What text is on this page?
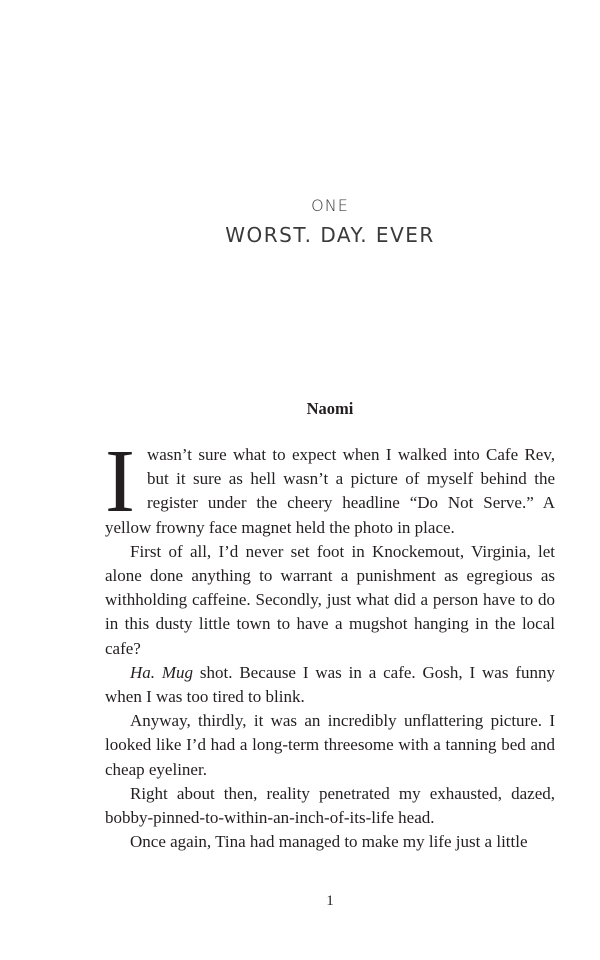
ONE
WORST. DAY. EVER
Naomi

Iwasn’t sure what to expect when I walked into Cafe Rev, but it sure as hell wasn’t a picture of myself behind the register under the cheery headline “Do Not Serve.” A yellow frowny face magnet held the photo in place.

First of all, I’d never set foot in Knockemout, Virginia, let alone done anything to warrant a punishment as egregious as withholding caffeine. Secondly, just what did a person have to do in this dusty little town to have a mugshot hanging in the local cafe?

Ha. Mug shot. Because I was in a cafe. Gosh, I was funny when I was too tired to blink.

Anyway, thirdly, it was an incredibly unflattering picture. I looked like I’d had a long-term threesome with a tanning bed and cheap eyeliner.

Right about then, reality penetrated my exhausted, dazed, bobby-pinned-to-within-an-inch-of-its-life head.

Once again, Tina had managed to make my life just a little

1
